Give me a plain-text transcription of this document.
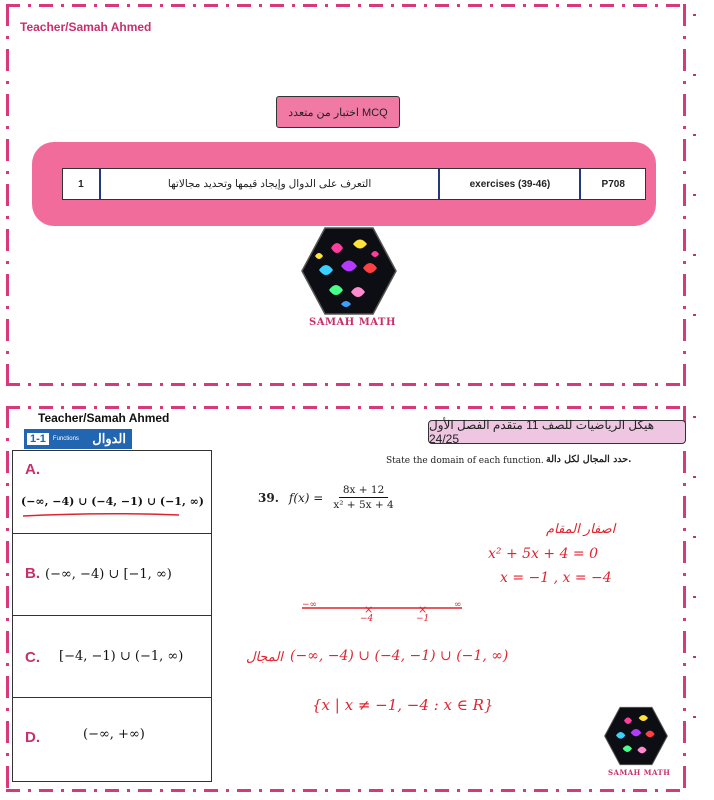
Teacher/Samah Ahmed
اختبار من متعدد MCQ
1	التعرف على الدوال وإيجاد قيمها وتحديد مجالاتها	exercises (39-46)	P708
SAMAH MATH
Teacher/Samah Ahmed
1-1	Functions الدوال
هيكل الرياضيات للصف 11 متقدم الفصل الأول 24/25
A.
(−∞, −4) ∪ (−4, −1) ∪ (−1, ∞)
B. (−∞, −4) ∪ [−1, ∞)
C. [−4, −1) ∪ (−1, ∞)
D.	(−∞, +∞)
State the domain of each function. حدد المجال لكل دالة.
39. $f(x) = \frac{8x + 12}{\text{x² + 5x + 4}}$
اصفار المقام
x² + 5x + 4 = 0
x = −1 , x = −4
×	×
−∞	∞
−4	−1
المجال (−∞, −4) ∪ (−4, −1) ∪ (−1, ∞)
{x | x ≠ −1, −4 : x ∈ R}
SAMAH MATH
